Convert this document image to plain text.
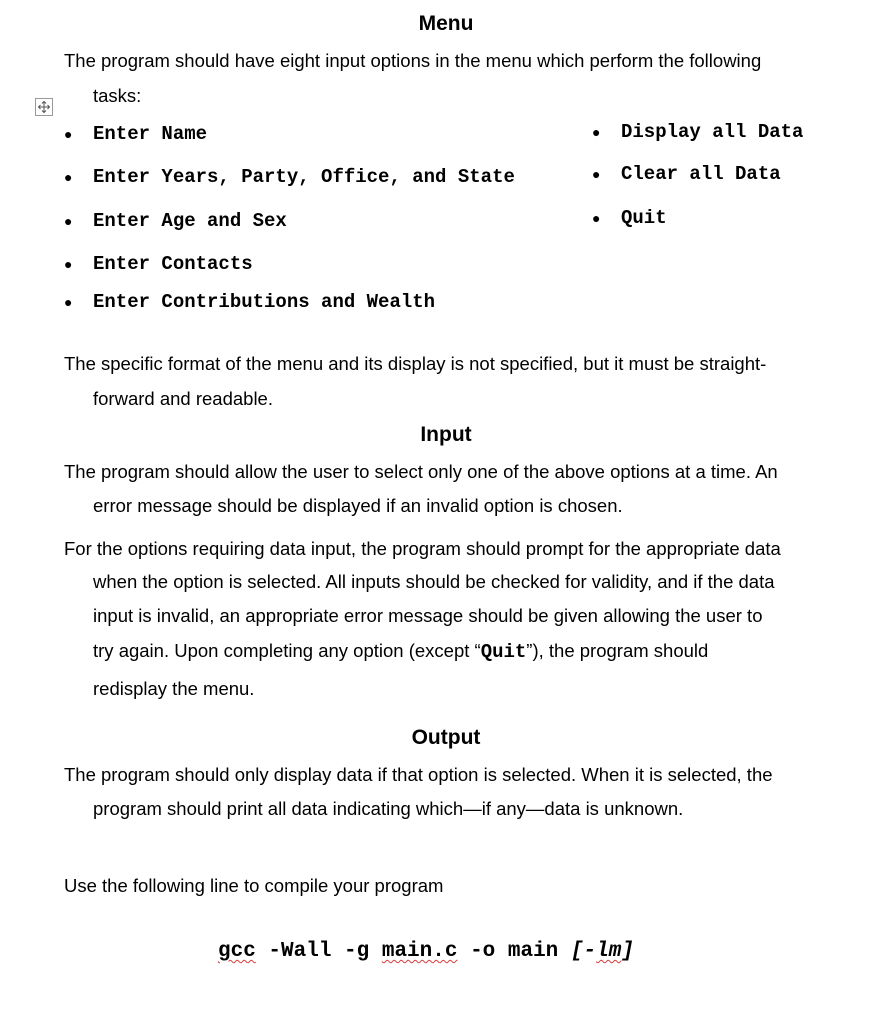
Menu
The program should have eight input options in the menu which perform the following
tasks:
● Enter Name
● Enter Years, Party, Office, and State
● Enter Age and Sex
● Enter Contacts
● Enter Contributions and Wealth
● Display all Data
● Clear all Data
● Quit
The specific format of the menu and its display is not specified, but it must be straight-
forward and readable.
Input
The program should allow the user to select only one of the above options at a time. An
error message should be displayed if an invalid option is chosen.
For the options requiring data input, the program should prompt for the appropriate data
when the option is selected. All inputs should be checked for validity, and if the data
input is invalid, an appropriate error message should be given allowing the user to
try again. Upon completing any option (except “Quit”), the program should
redisplay the menu.
Output
The program should only display data if that option is selected. When it is selected, the
program should print all data indicating which—if any—data is unknown.
Use the following line to compile your program
gcc -Wall -g main.c -o main [-lm]
